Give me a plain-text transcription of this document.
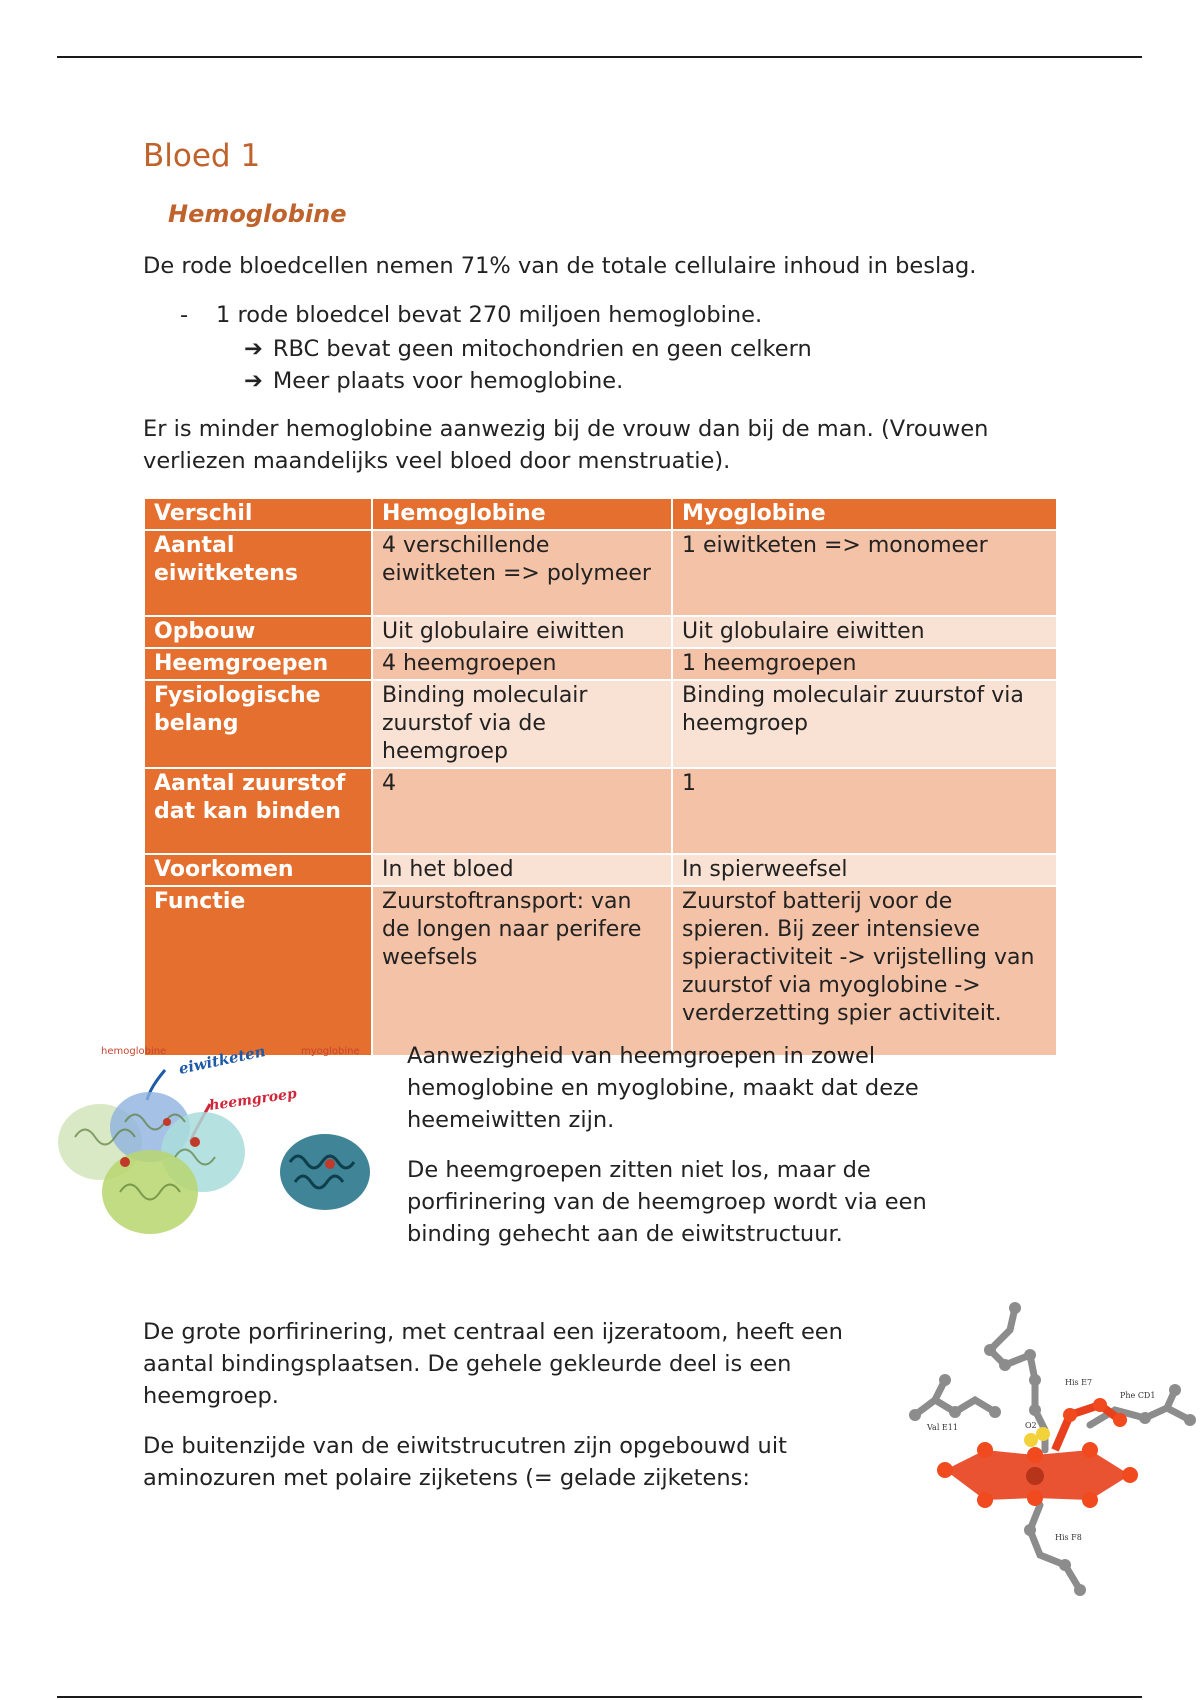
Bloed 1
Hemoglobine

De rode bloedcellen nemen 71% van de totale cellulaire inhoud in beslag.

- 1 rode bloedcel bevat 270 miljoen hemoglobine.
➔ RBC bevat geen mitochondrien en geen celkern
➔ Meer plaats voor hemoglobine.

Er is minder hemoglobine aanwezig bij de vrouw dan bij de man. (Vrouwen verliezen maandelijks veel bloed door menstruatie).

Verschil	Hemoglobine	Myoglobine
Aantal eiwitketens	4 verschillende eiwitketen => polymeer	1 eiwitketen => monomeer
Opbouw	Uit globulaire eiwitten	Uit globulaire eiwitten
Heemgroepen	4 heemgroepen	1 heemgroepen
Fysiologische belang	Binding moleculair zuurstof via de heemgroep	Binding moleculair zuurstof via heemgroep
Aantal zuurstof dat kan binden	4	1
Voorkomen	In het bloed	In spierweefsel
Functie	Zuurstoftransport: van de longen naar perifere weefsels	Zuurstof batterij voor de spieren. Bij zeer intensieve spieractiviteit -> vrijstelling van zuurstof via myoglobine -> verderzetting spier activiteit.
hemoglobine	myoglobine
eiwitketen
heemgroep

Aanwezigheid van heemgroepen in zowel hemoglobine en myoglobine, maakt dat deze heemeiwitten zijn.

De heemgroepen zitten niet los, maar de porfirinering van de heemgroep wordt via een binding gehecht aan de eiwitstructuur.

De grote porfirinering, met centraal een ijzeratoom, heeft een aantal bindingsplaatsen. De gehele gekleurde deel is een heemgroep.

De buitenzijde van de eiwitstrucutren zijn opgebouwd uit aminozuren met polaire zijketens (= gelade zijketens:

His E7
Phe CD1
Val E11	O2
His F8
